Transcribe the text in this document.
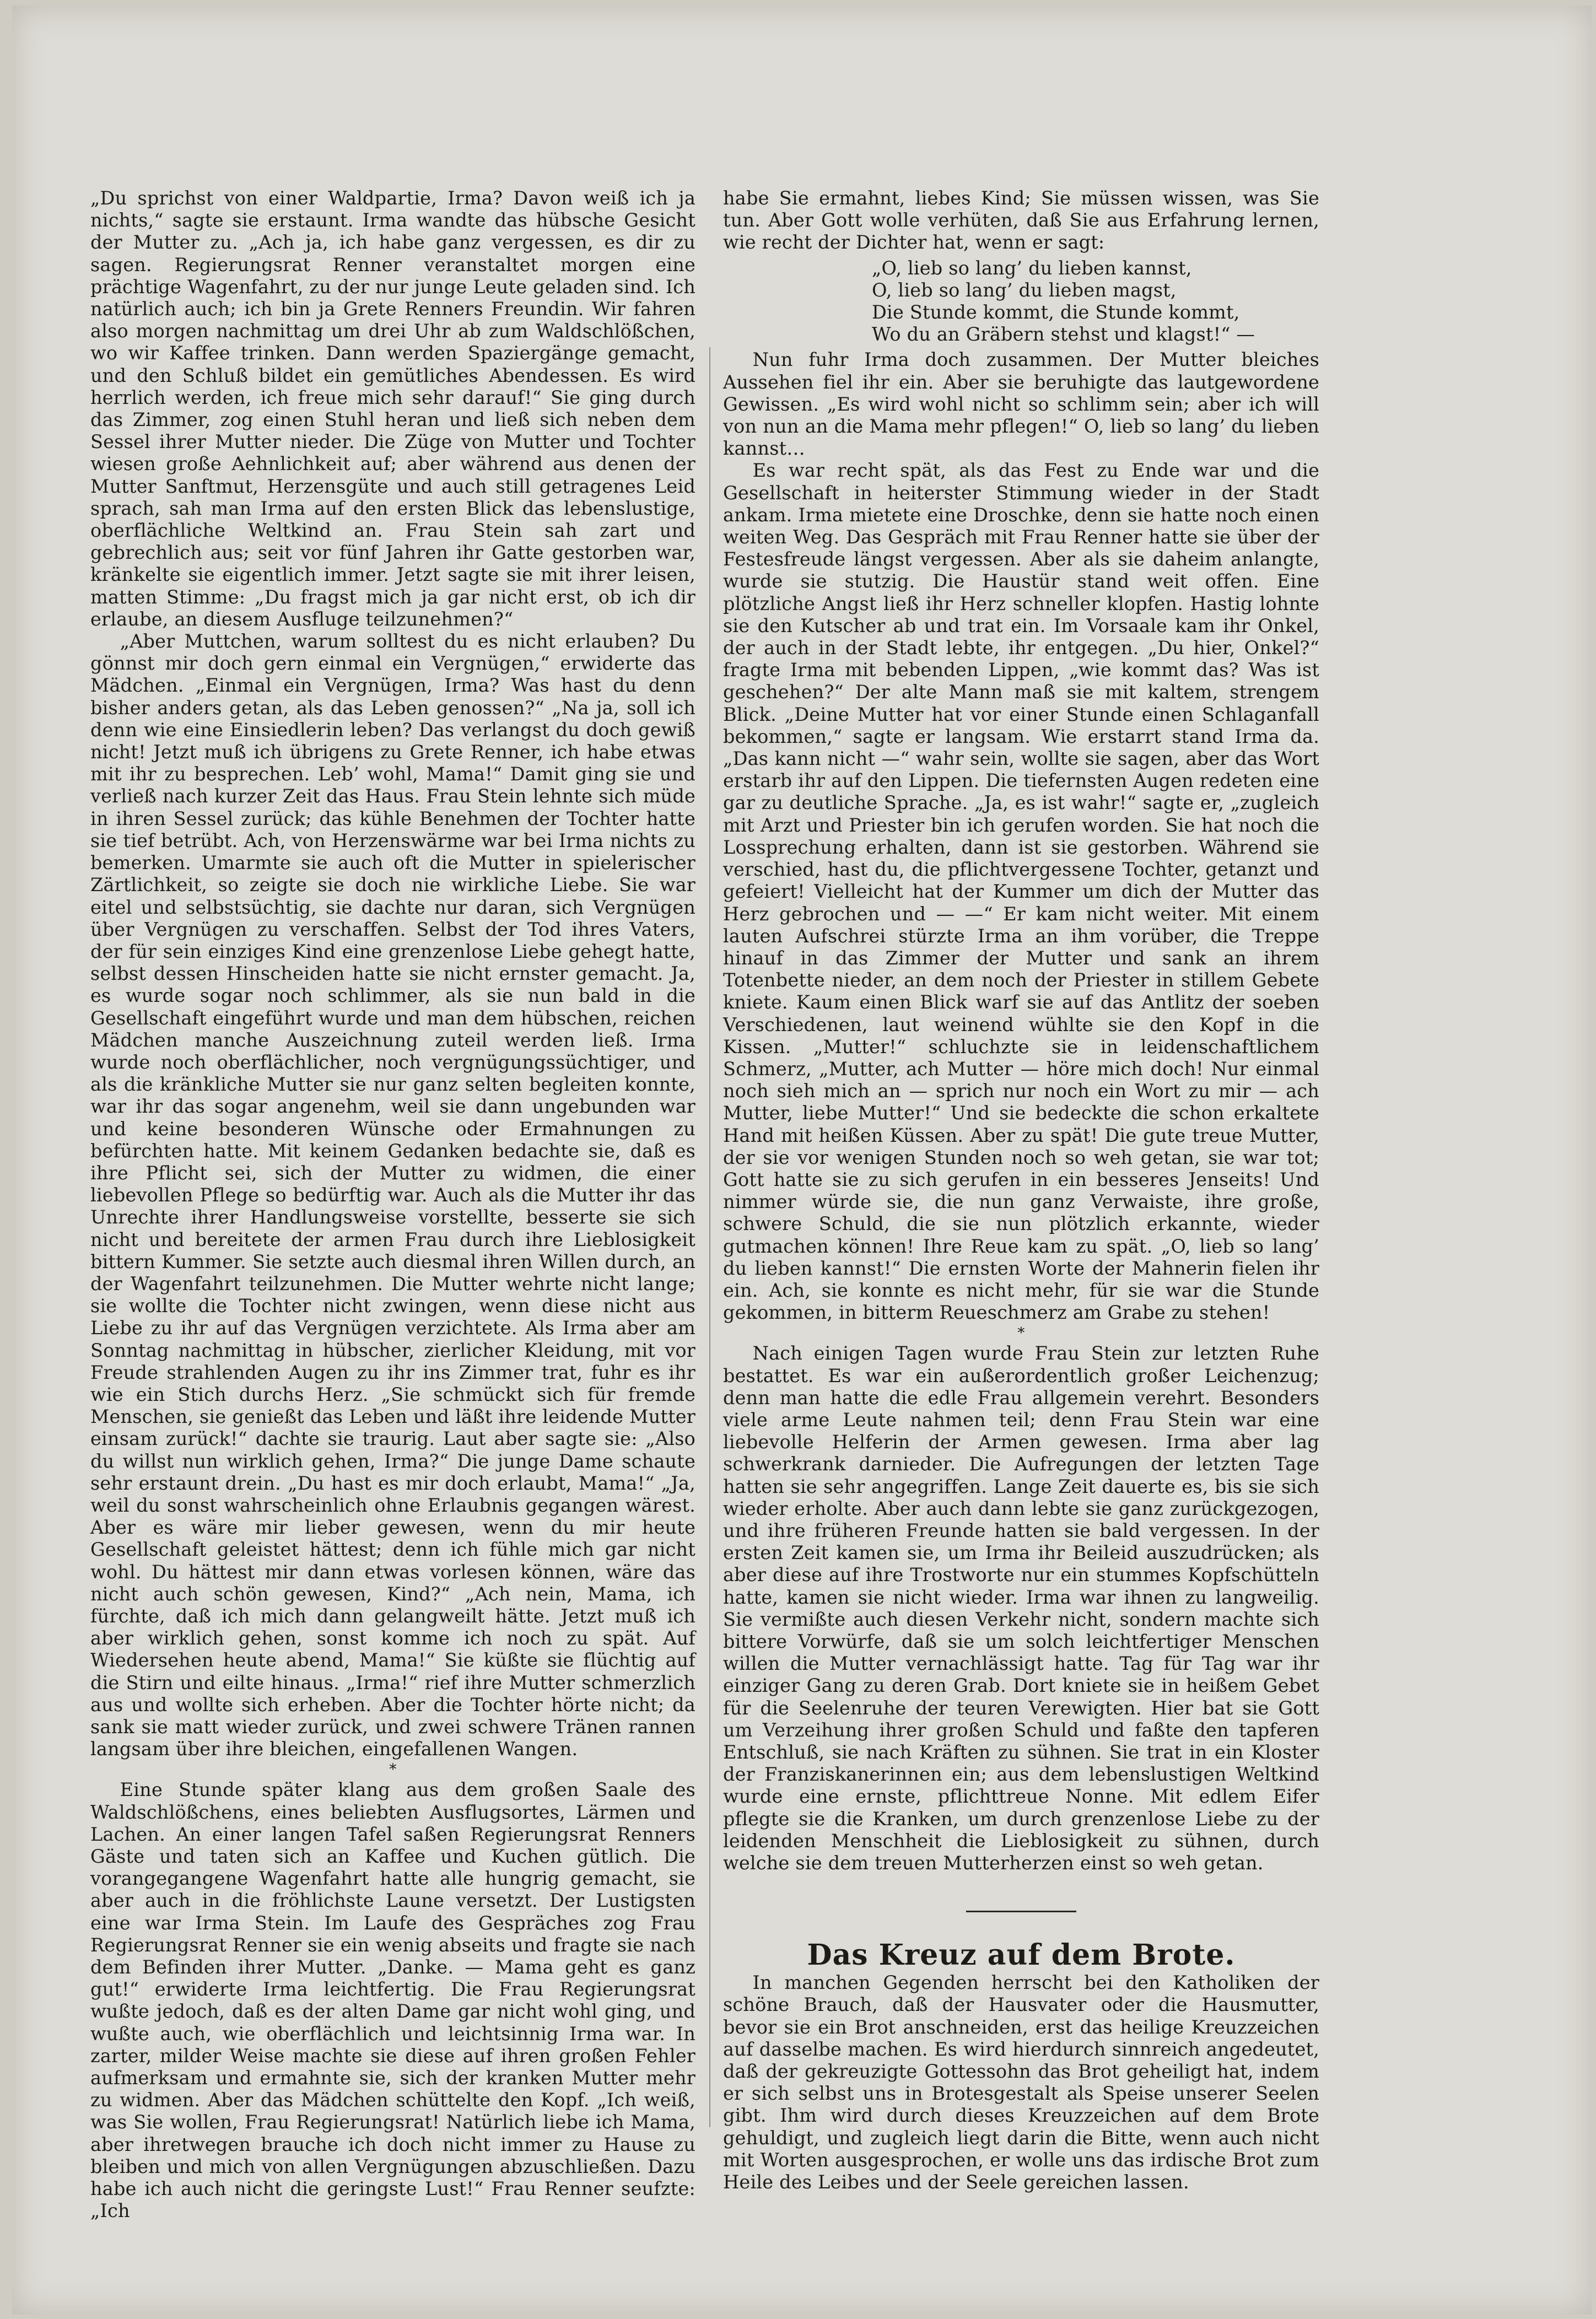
„Du sprichst von einer Waldpartie, Irma? Davon weiß ich ja nichts,“ sagte sie erstaunt. Irma wandte das hübsche Gesicht der Mutter zu. „Ach ja, ich habe ganz vergessen, es dir zu sagen. Regierungsrat Renner veranstaltet morgen eine prächtige Wagenfahrt, zu der nur junge Leute geladen sind. Ich natürlich auch; ich bin ja Grete Renners Freundin. Wir fahren also morgen nachmittag um drei Uhr ab zum Waldschlößchen, wo wir Kaffee trinken. Dann werden Spaziergänge gemacht, und den Schluß bildet ein gemütliches Abendessen. Es wird herrlich werden, ich freue mich sehr darauf!“ Sie ging durch das Zimmer, zog einen Stuhl heran und ließ sich neben dem Sessel ihrer Mutter nieder. Die Züge von Mutter und Tochter wiesen große Aehnlichkeit auf; aber während aus denen der Mutter Sanftmut, Herzensgüte und auch still getragenes Leid sprach, sah man Irma auf den ersten Blick das lebenslustige, oberflächliche Weltkind an. Frau Stein sah zart und gebrechlich aus; seit vor fünf Jahren ihr Gatte gestorben war, kränkelte sie eigentlich immer. Jetzt sagte sie mit ihrer leisen, matten Stimme: „Du fragst mich ja gar nicht erst, ob ich dir erlaube, an diesem Ausfluge teilzunehmen?“

„Aber Muttchen, warum solltest du es nicht erlauben? Du gönnst mir doch gern einmal ein Vergnügen,“ erwiderte das Mädchen. „Einmal ein Vergnügen, Irma? Was hast du denn bisher anders getan, als das Leben genossen?“ „Na ja, soll ich denn wie eine Einsiedlerin leben? Das verlangst du doch gewiß nicht! Jetzt muß ich übrigens zu Grete Renner, ich habe etwas mit ihr zu besprechen. Leb’ wohl, Mama!“ Damit ging sie und verließ nach kurzer Zeit das Haus. Frau Stein lehnte sich müde in ihren Sessel zurück; das kühle Benehmen der Tochter hatte sie tief betrübt. Ach, von Herzenswärme war bei Irma nichts zu bemerken. Umarmte sie auch oft die Mutter in spielerischer Zärtlichkeit, so zeigte sie doch nie wirkliche Liebe. Sie war eitel und selbstsüchtig, sie dachte nur daran, sich Vergnügen über Vergnügen zu verschaffen. Selbst der Tod ihres Vaters, der für sein einziges Kind eine grenzenlose Liebe gehegt hatte, selbst dessen Hinscheiden hatte sie nicht ernster gemacht. Ja, es wurde sogar noch schlimmer, als sie nun bald in die Gesellschaft eingeführt wurde und man dem hübschen, reichen Mädchen manche Auszeichnung zuteil werden ließ. Irma wurde noch oberflächlicher, noch vergnügungssüchtiger, und als die kränkliche Mutter sie nur ganz selten begleiten konnte, war ihr das sogar angenehm, weil sie dann ungebunden war und keine besonderen Wünsche oder Ermahnungen zu befürchten hatte. Mit keinem Gedanken bedachte sie, daß es ihre Pflicht sei, sich der Mutter zu widmen, die einer liebevollen Pflege so bedürftig war. Auch als die Mutter ihr das Unrechte ihrer Handlungsweise vorstellte, besserte sie sich nicht und bereitete der armen Frau durch ihre Lieblosigkeit bittern Kummer. Sie setzte auch diesmal ihren Willen durch, an der Wagenfahrt teilzunehmen. Die Mutter wehrte nicht lange; sie wollte die Tochter nicht zwingen, wenn diese nicht aus Liebe zu ihr auf das Vergnügen verzichtete. Als Irma aber am Sonntag nachmittag in hübscher, zierlicher Kleidung, mit vor Freude strahlenden Augen zu ihr ins Zimmer trat, fuhr es ihr wie ein Stich durchs Herz. „Sie schmückt sich für fremde Menschen, sie genießt das Leben und läßt ihre leidende Mutter einsam zurück!“ dachte sie traurig. Laut aber sagte sie: „Also du willst nun wirklich gehen, Irma?“ Die junge Dame schaute sehr erstaunt drein. „Du hast es mir doch erlaubt, Mama!“ „Ja, weil du sonst wahrscheinlich ohne Erlaubnis gegangen wärest. Aber es wäre mir lieber gewesen, wenn du mir heute Gesellschaft geleistet hättest; denn ich fühle mich gar nicht wohl. Du hättest mir dann etwas vorlesen können, wäre das nicht auch schön gewesen, Kind?“ „Ach nein, Mama, ich fürchte, daß ich mich dann gelangweilt hätte. Jetzt muß ich aber wirklich gehen, sonst komme ich noch zu spät. Auf Wiedersehen heute abend, Mama!“ Sie küßte sie flüchtig auf die Stirn und eilte hinaus. „Irma!“ rief ihre Mutter schmerzlich aus und wollte sich erheben. Aber die Tochter hörte nicht; da sank sie matt wieder zurück, und zwei schwere Tränen rannen langsam über ihre bleichen, eingefallenen Wangen.

*

Eine Stunde später klang aus dem großen Saale des Waldschlößchens, eines beliebten Ausflugsortes, Lärmen und Lachen. An einer langen Tafel saßen Regierungsrat Renners Gäste und taten sich an Kaffee und Kuchen gütlich. Die vorangegangene Wagenfahrt hatte alle hungrig gemacht, sie aber auch in die fröhlichste Laune versetzt. Der Lustigsten eine war Irma Stein. Im Laufe des Gespräches zog Frau Regierungsrat Renner sie ein wenig abseits und fragte sie nach dem Befinden ihrer Mutter. „Danke. — Mama geht es ganz gut!“ erwiderte Irma leichtfertig. Die Frau Regierungsrat wußte jedoch, daß es der alten Dame gar nicht wohl ging, und wußte auch, wie oberflächlich und leichtsinnig Irma war. In zarter, milder Weise machte sie diese auf ihren großen Fehler aufmerksam und ermahnte sie, sich der kranken Mutter mehr zu widmen. Aber das Mädchen schüttelte den Kopf. „Ich weiß, was Sie wollen, Frau Regierungsrat! Natürlich liebe ich Mama, aber ihretwegen brauche ich doch nicht immer zu Hause zu bleiben und mich von allen Vergnügungen abzuschließen. Dazu habe ich auch nicht die geringste Lust!“ Frau Renner seufzte: „Ich

habe Sie ermahnt, liebes Kind; Sie müssen wissen, was Sie tun. Aber Gott wolle verhüten, daß Sie aus Erfahrung lernen, wie recht der Dichter hat, wenn er sagt:

„O, lieb so lang’ du lieben kannst,
O, lieb so lang’ du lieben magst,
Die Stunde kommt, die Stunde kommt,
Wo du an Gräbern stehst und klagst!“ —

Nun fuhr Irma doch zusammen. Der Mutter bleiches Aussehen fiel ihr ein. Aber sie beruhigte das lautgewordene Gewissen. „Es wird wohl nicht so schlimm sein; aber ich will von nun an die Mama mehr pflegen!“ O, lieb so lang’ du lieben kannst…

Es war recht spät, als das Fest zu Ende war und die Gesellschaft in heiterster Stimmung wieder in der Stadt ankam. Irma mietete eine Droschke, denn sie hatte noch einen weiten Weg. Das Gespräch mit Frau Renner hatte sie über der Festesfreude längst vergessen. Aber als sie daheim anlangte, wurde sie stutzig. Die Haustür stand weit offen. Eine plötzliche Angst ließ ihr Herz schneller klopfen. Hastig lohnte sie den Kutscher ab und trat ein. Im Vorsaale kam ihr Onkel, der auch in der Stadt lebte, ihr entgegen. „Du hier, Onkel?“ fragte Irma mit bebenden Lippen, „wie kommt das? Was ist geschehen?“ Der alte Mann maß sie mit kaltem, strengem Blick. „Deine Mutter hat vor einer Stunde einen Schlaganfall bekommen,“ sagte er langsam. Wie erstarrt stand Irma da. „Das kann nicht —“ wahr sein, wollte sie sagen, aber das Wort erstarb ihr auf den Lippen. Die tiefernsten Augen redeten eine gar zu deutliche Sprache. „Ja, es ist wahr!“ sagte er, „zugleich mit Arzt und Priester bin ich gerufen worden. Sie hat noch die Lossprechung erhalten, dann ist sie gestorben. Während sie verschied, hast du, die pflichtvergessene Tochter, getanzt und gefeiert! Vielleicht hat der Kummer um dich der Mutter das Herz gebrochen und — —“ Er kam nicht weiter. Mit einem lauten Aufschrei stürzte Irma an ihm vorüber, die Treppe hinauf in das Zimmer der Mutter und sank an ihrem Totenbette nieder, an dem noch der Priester in stillem Gebete kniete. Kaum einen Blick warf sie auf das Antlitz der soeben Verschiedenen, laut weinend wühlte sie den Kopf in die Kissen. „Mutter!“ schluchzte sie in leidenschaftlichem Schmerz, „Mutter, ach Mutter — höre mich doch! Nur einmal noch sieh mich an — sprich nur noch ein Wort zu mir — ach Mutter, liebe Mutter!“ Und sie bedeckte die schon erkaltete Hand mit heißen Küssen. Aber zu spät! Die gute treue Mutter, der sie vor wenigen Stunden noch so weh getan, sie war tot; Gott hatte sie zu sich gerufen in ein besseres Jenseits! Und nimmer würde sie, die nun ganz Verwaiste, ihre große, schwere Schuld, die sie nun plötzlich erkannte, wieder gutmachen können! Ihre Reue kam zu spät. „O, lieb so lang’ du lieben kannst!“ Die ernsten Worte der Mahnerin fielen ihr ein. Ach, sie konnte es nicht mehr, für sie war die Stunde gekommen, in bitterm Reueschmerz am Grabe zu stehen!

*

Nach einigen Tagen wurde Frau Stein zur letzten Ruhe bestattet. Es war ein außerordentlich großer Leichenzug; denn man hatte die edle Frau allgemein verehrt. Besonders viele arme Leute nahmen teil; denn Frau Stein war eine liebevolle Helferin der Armen gewesen. Irma aber lag schwerkrank darnieder. Die Aufregungen der letzten Tage hatten sie sehr angegriffen. Lange Zeit dauerte es, bis sie sich wieder erholte. Aber auch dann lebte sie ganz zurückgezogen, und ihre früheren Freunde hatten sie bald vergessen. In der ersten Zeit kamen sie, um Irma ihr Beileid auszudrücken; als aber diese auf ihre Trostworte nur ein stummes Kopfschütteln hatte, kamen sie nicht wieder. Irma war ihnen zu langweilig. Sie vermißte auch diesen Verkehr nicht, sondern machte sich bittere Vorwürfe, daß sie um solch leichtfertiger Menschen willen die Mutter vernachlässigt hatte. Tag für Tag war ihr einziger Gang zu deren Grab. Dort kniete sie in heißem Gebet für die Seelenruhe der teuren Verewigten. Hier bat sie Gott um Verzeihung ihrer großen Schuld und faßte den tapferen Entschluß, sie nach Kräften zu sühnen. Sie trat in ein Kloster der Franziskanerinnen ein; aus dem lebenslustigen Weltkind wurde eine ernste, pflichttreue Nonne. Mit edlem Eifer pflegte sie die Kranken, um durch grenzenlose Liebe zu der leidenden Menschheit die Lieblosigkeit zu sühnen, durch welche sie dem treuen Mutterherzen einst so weh getan.

Das Kreuz auf dem Brote.

In manchen Gegenden herrscht bei den Katholiken der schöne Brauch, daß der Hausvater oder die Hausmutter, bevor sie ein Brot anschneiden, erst das heilige Kreuzzeichen auf dasselbe machen. Es wird hierdurch sinnreich angedeutet, daß der gekreuzigte Gottessohn das Brot geheiligt hat, indem er sich selbst uns in Brotesgestalt als Speise unserer Seelen gibt. Ihm wird durch dieses Kreuzzeichen auf dem Brote gehuldigt, und zugleich liegt darin die Bitte, wenn auch nicht mit Worten ausgesprochen, er wolle uns das irdische Brot zum Heile des Leibes und der Seele gereichen lassen.
